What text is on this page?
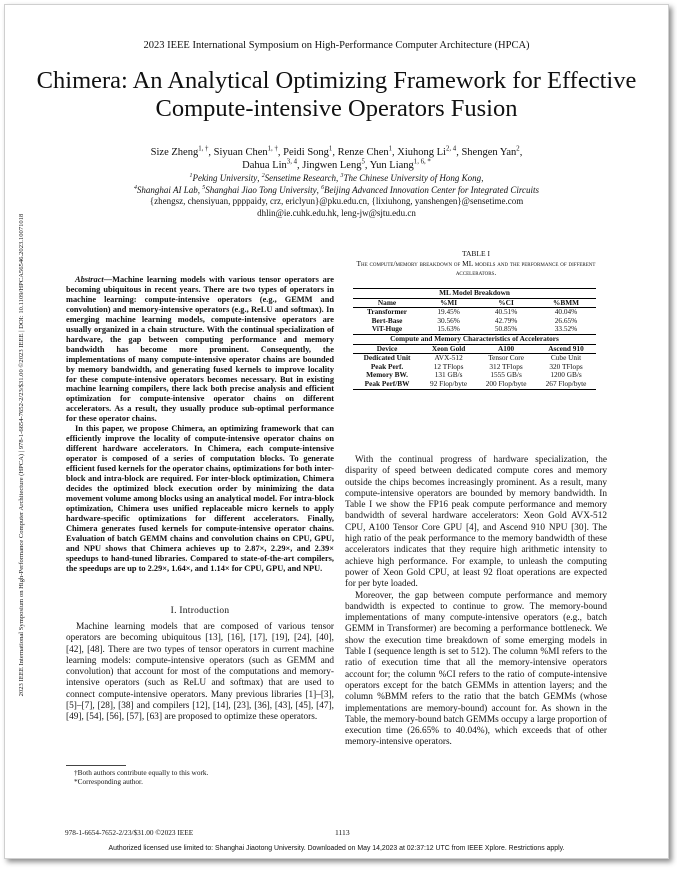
2023 IEEE International Symposium on High-Performance Computer Architecture (HPCA)
Chimera: An Analytical Optimizing Framework for Effective Compute-intensive Operators Fusion
Size Zheng$^{1, \dagger}$, Siyuan Chen$^{1, \dagger}$, Peidi Song$^1$, Renze Chen$^1$, Xiuhong Li$^{2, 4}$, Shengen Yan$^2$,
Dahua Lin$^{3, 4}$, Jingwen Leng$^5$, Yun Liang$^{1, 6, *}$
$^1$Peking University, $^2$Sensetime Research, $^3$The Chinese University of Hong Kong,
$^4$Shanghai AI Lab, $^5$Shanghai Jiao Tong University, $^6$Beijing Advanced Innovation Center for Integrated Circuits
{zhengsz, chensiyuan, ppppaidy, crz, ericlyun}@pku.edu.cn, {lixiuhong, yanshengen}@sensetime.com
dhlin@ie.cuhk.edu.hk, leng-jw@sjtu.edu.cn
2023 IEEE International Symposium on High-Performance Computer Architecture (HPCA) | 978-1-6654-7652-2/23/$31.00 ©2023 IEEE | DOI: 10.1109/HPCA56546.2023.10071018	Abstract—Machine learning models with various tensor operators are becoming ubiquitous in recent years. There are two types of operators in machine learning: compute-intensive operators (e.g., GEMM and convolution) and memory-intensive operators (e.g., ReLU and softmax). In emerging machine learning models, compute-intensive operators are usually organized in a chain structure. With the continual specialization of hardware, the gap between computing performance and memory bandwidth has become more prominent. Consequently, the implementations of many compute-intensive operator chains are bounded by memory bandwidth, and generating fused kernels to improve locality for these compute-intensive operators becomes necessary. But in existing machine learning compilers, there lack both precise analysis and efficient optimization for compute-intensive operator chains on different accelerators. As a result, they usually produce sub-optimal performance for these operator chains.

In this paper, we propose Chimera, an optimizing framework that can efficiently improve the locality of compute-intensive operator chains on different hardware accelerators. In Chimera, each compute-intensive operator is composed of a series of computation blocks. To generate efficient fused kernels for the operator chains, optimizations for both inter-block and intra-block are required. For inter-block optimization, Chimera decides the optimized block execution order by minimizing the data movement volume among blocks using an analytical model. For intra-block optimization, Chimera uses unified replaceable micro kernels to apply hardware-specific optimizations for different accelerators. Finally, Chimera generates fused kernels for compute-intensive operator chains. Evaluation of batch GEMM chains and convolution chains on CPU, GPU, and NPU shows that Chimera achieves up to 2.87×, 2.29×, and 2.39× speedups to hand-tuned libraries. Compared to state-of-the-art compilers, the speedups are up to 2.29×, 1.64×, and 1.14× for CPU, GPU, and NPU.

I. Introduction

Machine learning models that are composed of various tensor operators are becoming ubiquitous [13], [16], [17], [19], [24], [40], [42], [48]. There are two types of tensor operators in current machine learning models: compute-intensive operators (such as GEMM and convolution) that account for most of the computations and memory-intensive operators (such as ReLU and softmax) that are used to connect compute-intensive operators. Many previous libraries [1]–[3], [5]–[7], [28], [38] and compilers [12], [14], [23], [36], [43], [45], [47], [49], [54], [56], [57], [63] are proposed to optimize these operators.

†Both authors contribute equally to this work.
*Corresponding author.
TABLE I
The compute/memory breakdown of ML models and the performance of different accelerators.
ML Model Breakdown			
Name	%MI	%CI	%BMM
Transformer	19.45%	40.51%	40.04%
Bert-Base	30.56%	42.79%	26.65%
ViT-Huge	15.63%	50.85%	33.52%
Compute and Memory Characteristics of Accelerators			
Device	Xeon Gold	A100	Ascend 910
Dedicated Unit	AVX-512	Tensor Core	Cube Unit
Peak Perf.	12 TFlops	312 TFlops	320 TFlops
Memory BW.	131 GB/s	1555 GB/s	1200 GB/s
Peak Perf/BW	92 Flop/byte	200 Flop/byte	267 Flop/byte

With the continual progress of hardware specialization, the disparity of speed between dedicated compute cores and memory outside the chips becomes increasingly prominent. As a result, many compute-intensive operators are bounded by memory bandwidth. In Table I we show the FP16 peak compute performance and memory bandwidth of several hardware accelerators: Xeon Gold AVX-512 CPU, A100 Tensor Core GPU [4], and Ascend 910 NPU [30]. The high ratio of the peak performance to the memory bandwidth of these accelerators indicates that they require high arithmetic intensity to achieve high performance. For example, to unleash the computing power of Xeon Gold CPU, at least 92 float operations are expected for per byte loaded.

Moreover, the gap between compute performance and memory bandwidth is expected to continue to grow. The memory-bound implementations of many compute-intensive operators (e.g., batch GEMM in Transformer) are becoming a performance bottleneck. We show the execution time breakdown of some emerging models in Table I (sequence length is set to 512). The column %MI refers to the ratio of execution time that all the memory-intensive operators account for; the column %CI refers to the ratio of compute-intensive operators except for the batch GEMMs in attention layers; and the column %BMM refers to the ratio that the batch GEMMs (whose implementations are memory-bound) account for. As shown in the Table, the memory-bound batch GEMMs occupy a large proportion of execution time (26.65% to 40.04%), which exceeds that of other memory-intensive operators.

978-1-6654-7652-2/23/$31.00 ©2023 IEEE	1113
Authorized licensed use limited to: Shanghai Jiaotong University. Downloaded on May 14,2023 at 02:37:12 UTC from IEEE Xplore. Restrictions apply.
